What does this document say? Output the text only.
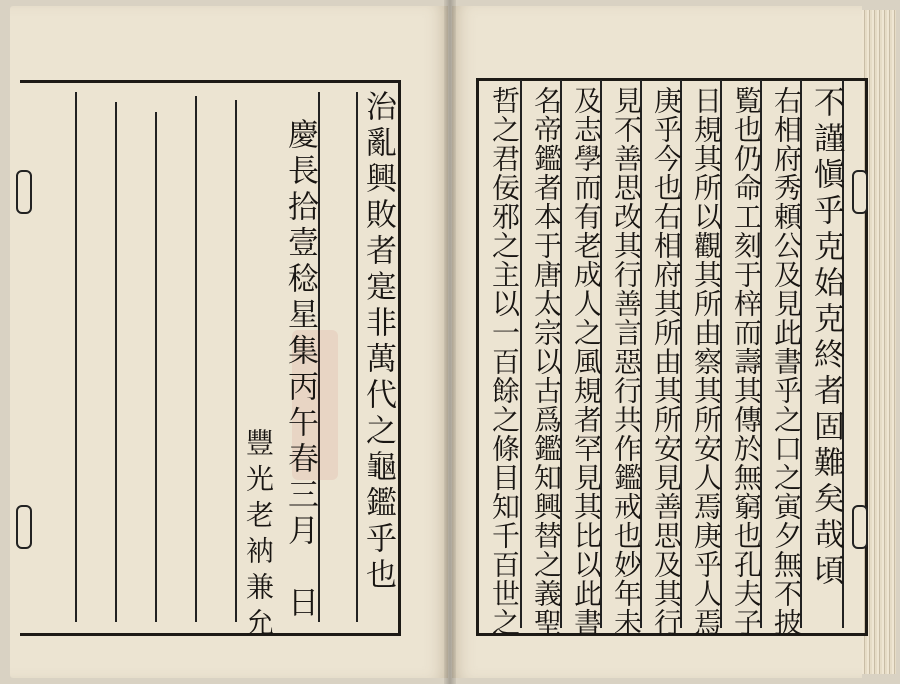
治亂興敗者寔非萬代之龜鑑乎也
慶長拾壹稔星集丙午春三月　日
豐光老衲兼允	不謹愼乎克始克終者固難矣哉頃
右相府秀頼公及見此書乎之口之寅夕無不披
覧也仍命工刻于梓而壽其傳於無窮也孔夫子
日規其所以觀其所由察其所安人焉庚乎人焉
庚乎今也右相府其所由其所安見善思及其行
見不善思改其行善言惡行共作鑑戒也妙年未
及志學而有老成人之風規者罕見其比以此書
名帝鑑者本于唐太宗以古爲鑑知興替之義聖
哲之君佞邪之主以一百餘之條目知千百世之
